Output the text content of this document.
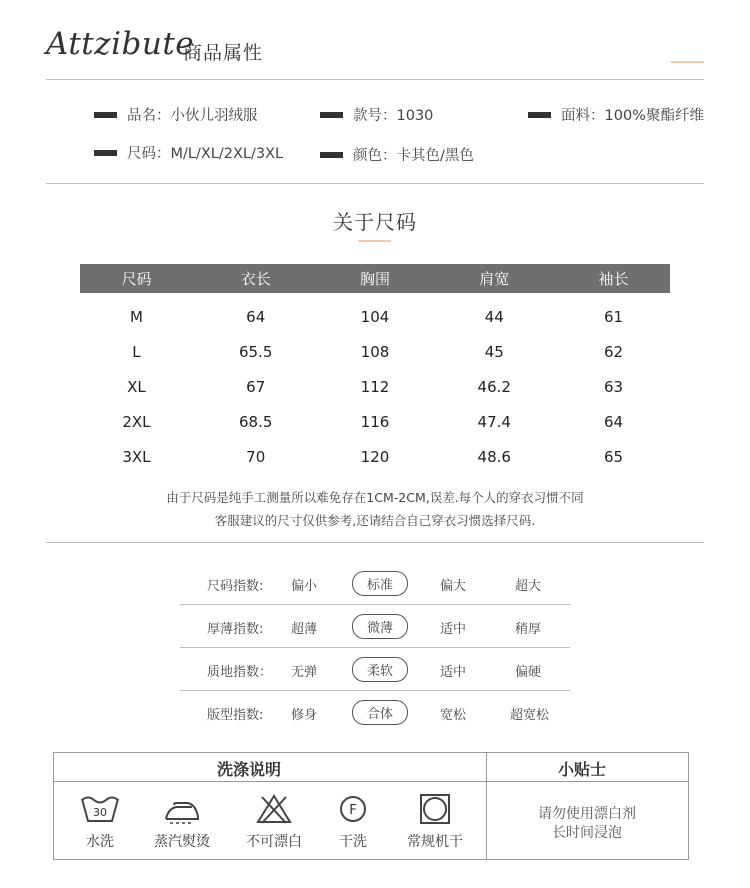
Attzibute
商品属性
品名：小伙儿羽绒服	款号：1030	面料：100%聚酯纤维
尺码：M/L/XL/2XL/3XL	颜色：卡其色/黑色
关于尺码
尺码	衣长	胸围	肩宽	袖长

M	64	104	44	61
L	65.5	108	45	62
XL	67	112	46.2	63
2XL	68.5	116	47.4	64
3XL	70	120	48.6	65
由于尺码是纯手工测量所以难免存在1CM-2CM,误差.每个人的穿衣习惯不同
客服建议的尺寸仅供参考,还请结合自己穿衣习惯选择尺码.
尺码指数: 偏小	标准	偏大	超大
厚薄指数: 超薄	微薄	适中	稍厚
质地指数： 无弹	柔软	适中	偏硬
版型指数: 修身	合体	宽松	超宽松
洗涤说明	小贴士
30
水洗	蒸汽熨烫	不可漂白
F
干洗	常规机干
请勿使用漂白剂
长时间浸泡
